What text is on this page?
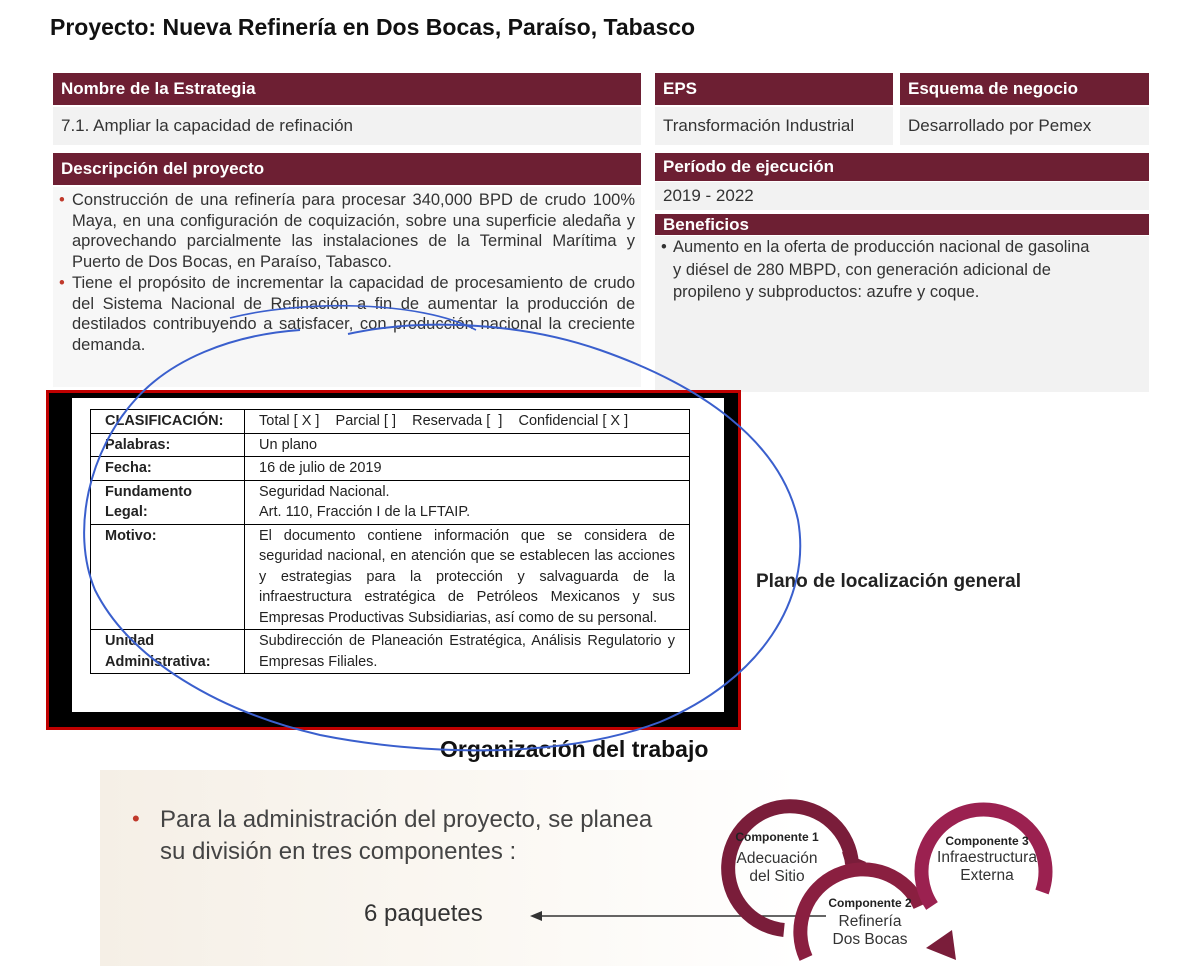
Proyecto: Nueva Refinería en Dos Bocas, Paraíso, Tabasco
Nombre de la Estrategia
7.1. Ampliar la capacidad de refinación
EPS
Transformación Industrial
Esquema de negocio
Desarrollado por Pemex
Descripción del proyecto
• Construcción de una refinería para procesar 340,000 BPD de crudo 100% Maya, en una configuración de coquización, sobre una superficie aledaña y aprovechando parcialmente las instalaciones de la Terminal Marítima y Puerto de Dos Bocas, en Paraíso, Tabasco.
• Tiene el propósito de incrementar la capacidad de procesamiento de crudo del Sistema Nacional de Refinación a fin de aumentar la producción de destilados contribuyendo a satisfacer, con producción nacional la creciente demanda.
Período de ejecución
2019 - 2022
Beneficios
• Aumento en la oferta de producción nacional de gasolina y diésel de 280 MBPD, con generación adicional de propileno y subproductos: azufre y coque.
CLASIFICACIÓN:	Total [ X ]    Parcial [ ]    Reservada [  ]    Confidencial [ X ]
Palabras:	Un plano
Fecha:	16 de julio de 2019

Fundamento
Legal:	Seguridad Nacional.
Art. 110, Fracción I de la LFTAIP.

Motivo:	El documento contiene información que se considera de seguridad nacional, en atención que se establecen las acciones y estrategias para la protección y salvaguarda de la infraestructura estratégica de Petróleos Mexicanos y sus Empresas Productivas Subsidiarias, así como de su personal.

Unidad
Administrativa:	Subdirección de Planeación Estratégica, Análisis Regulatorio y Empresas Filiales.
Plano de localización general
Organización del trabajo
• Para la administración del proyecto, se planea su división en tres componentes :
6 paquetes
Componente 1
Adecuación
del Sitio
Componente 2
Refinería
Dos Bocas
Componente 3
Infraestructura
Externa
